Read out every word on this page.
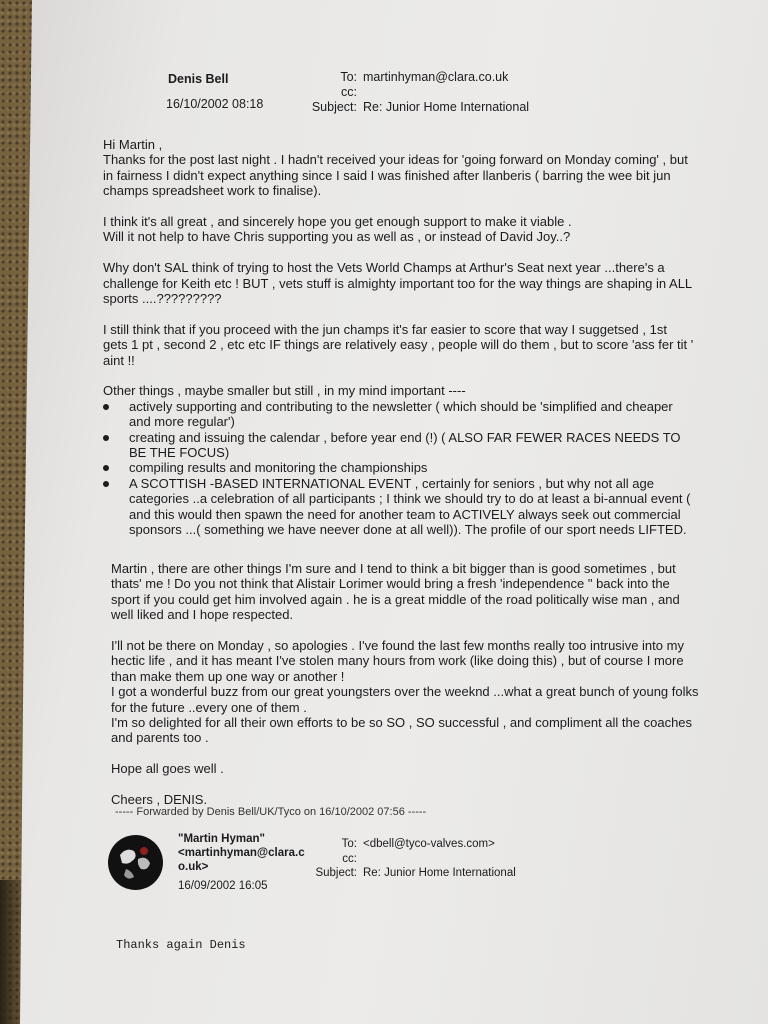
Denis Bell
16/10/2002 08:18
To: martinhyman@clara.co.uk
cc:
Subject: Re: Junior Home International

Hi Martin ,
Thanks for the post last night . I hadn't received your ideas for 'going forward on Monday coming' , but
in fairness I didn't expect anything since I said I was finished after llanberis ( barring the wee bit jun
champs spreadsheet work to finalise).

I think it's all great , and sincerely hope you get enough support to make it viable .
Will it not help to have Chris supporting you as well as , or instead of David Joy..?

Why don't SAL think of trying to host the Vets World Champs at Arthur's Seat next year ...there's a
challenge for Keith etc ! BUT , vets stuff is almighty important too for the way things are shaping in ALL
sports ....?????????

I still think that if you proceed with the jun champs it's far easier to score that way I suggetsed , 1st
gets 1 pt , second 2 , etc etc IF things are relatively easy , people will do them , but to score 'ass fer tit '
aint !!

Other things , maybe smaller but still , in my mind important ----

actively supporting and contributing to the newsletter ( which should be 'simplified and cheaper
and more regular')
creating and issuing the calendar , before year end (!) ( ALSO FAR FEWER RACES NEEDS TO
BE THE FOCUS)
compiling results and monitoring the championships
A SCOTTISH -BASED INTERNATIONAL EVENT , certainly for seniors , but why not all age
categories ..a celebration of all participants ; I think we should try to do at least a bi-annual event (
and this would then spawn the need for another team to ACTIVELY always seek out commercial
sponsors ...( something we have neever done at all well)). The profile of our sport needs LIFTED.

Martin , there are other things I'm sure and I tend to think a bit bigger than is good sometimes , but
thats' me ! Do you not think that Alistair Lorimer would bring a fresh 'independence " back into the
sport if you could get him involved again . he is a great middle of the road politically wise man , and
well liked and I hope respected.

I'll not be there on Monday , so apologies . I've found the last few months really too intrusive into my
hectic life , and it has meant I've stolen many hours from work (like doing this) , but of course I more
than make them up one way or another !
I got a wonderful buzz from our great youngsters over the weeknd ...what a great bunch of young folks
for the future ..every one of them .
I'm so delighted for all their own efforts to be so SO , SO successful , and compliment all the coaches
and parents too .

Hope all goes well .

Cheers , DENIS.

----- Forwarded by Denis Bell/UK/Tyco on 16/10/2002 07:56 -----
"Martin Hyman"
<martinhyman@clara.c
o.uk>
16/09/2002 16:05
To: <dbell@tyco-valves.com>
cc:
Subject: Re: Junior Home International
Thanks again Denis
